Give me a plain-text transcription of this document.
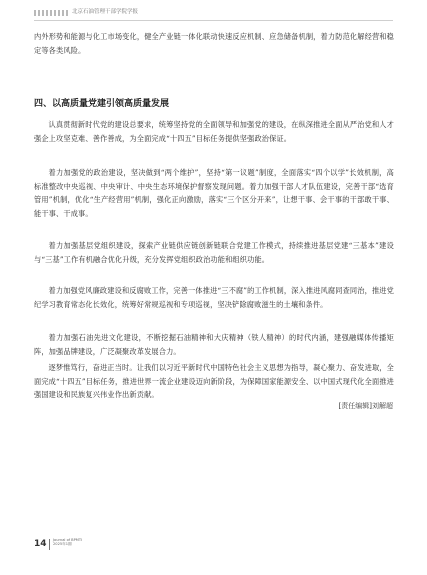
北京石油管理干部学院学报

内外形势和能源与化工市场变化，健全产业链一体化联动快速反应机制、应急储备机制，着力防范化解经营和稳定等各类风险。

四、以高质量党建引领高质量发展

认真贯彻新时代党的建设总要求，统筹坚持党的全面领导和加强党的建设，在纵深推进全面从严治党和人才强企上攻坚克难、善作善成，为全面完成“十四五”目标任务提供坚强政治保证。

着力加强党的政治建设，坚决做到“两个维护”，坚持“第一议题”制度，全面落实“四个以学”长效机制，高标准整改中央巡视、中央审计、中央生态环境保护督察发现问题。着力加强干部人才队伍建设，完善干部“选育管用”机制，优化“生产经营用”机制，强化正向激励，落实“三个区分开来”，让想干事、会干事的干部敢干事、能干事、干成事。

着力加强基层党组织建设，探索产业链供应链创新链联合党建工作模式，持续推进基层党建“三基本”建设与“三基”工作有机融合优化升级，充分发挥党组织政治功能和组织功能。

着力加强党风廉政建设和反腐败工作，完善一体推进“三不腐”的工作机制，深入推进风腐同查同治，推进党纪学习教育常态化长效化，统筹好常规巡视和专项巡视，坚决铲除腐败滋生的土壤和条件。

着力加强石油先进文化建设，不断挖掘石油精神和大庆精神（铁人精神）的时代内涵，建强融媒体传播矩阵，加强品牌建设，广泛凝聚改革发展合力。

逐梦惟笃行，奋进正当时。让我们以习近平新时代中国特色社会主义思想为指导，凝心聚力、奋发进取，全面完成“十四五”目标任务，推进世界一流企业建设迈向新阶段，为保障国家能源安全、以中国式现代化全面推进强国建设和民族复兴伟业作出新贡献。

[责任编辑]刘解超
14 Journal of BPMTI
2025年1期
